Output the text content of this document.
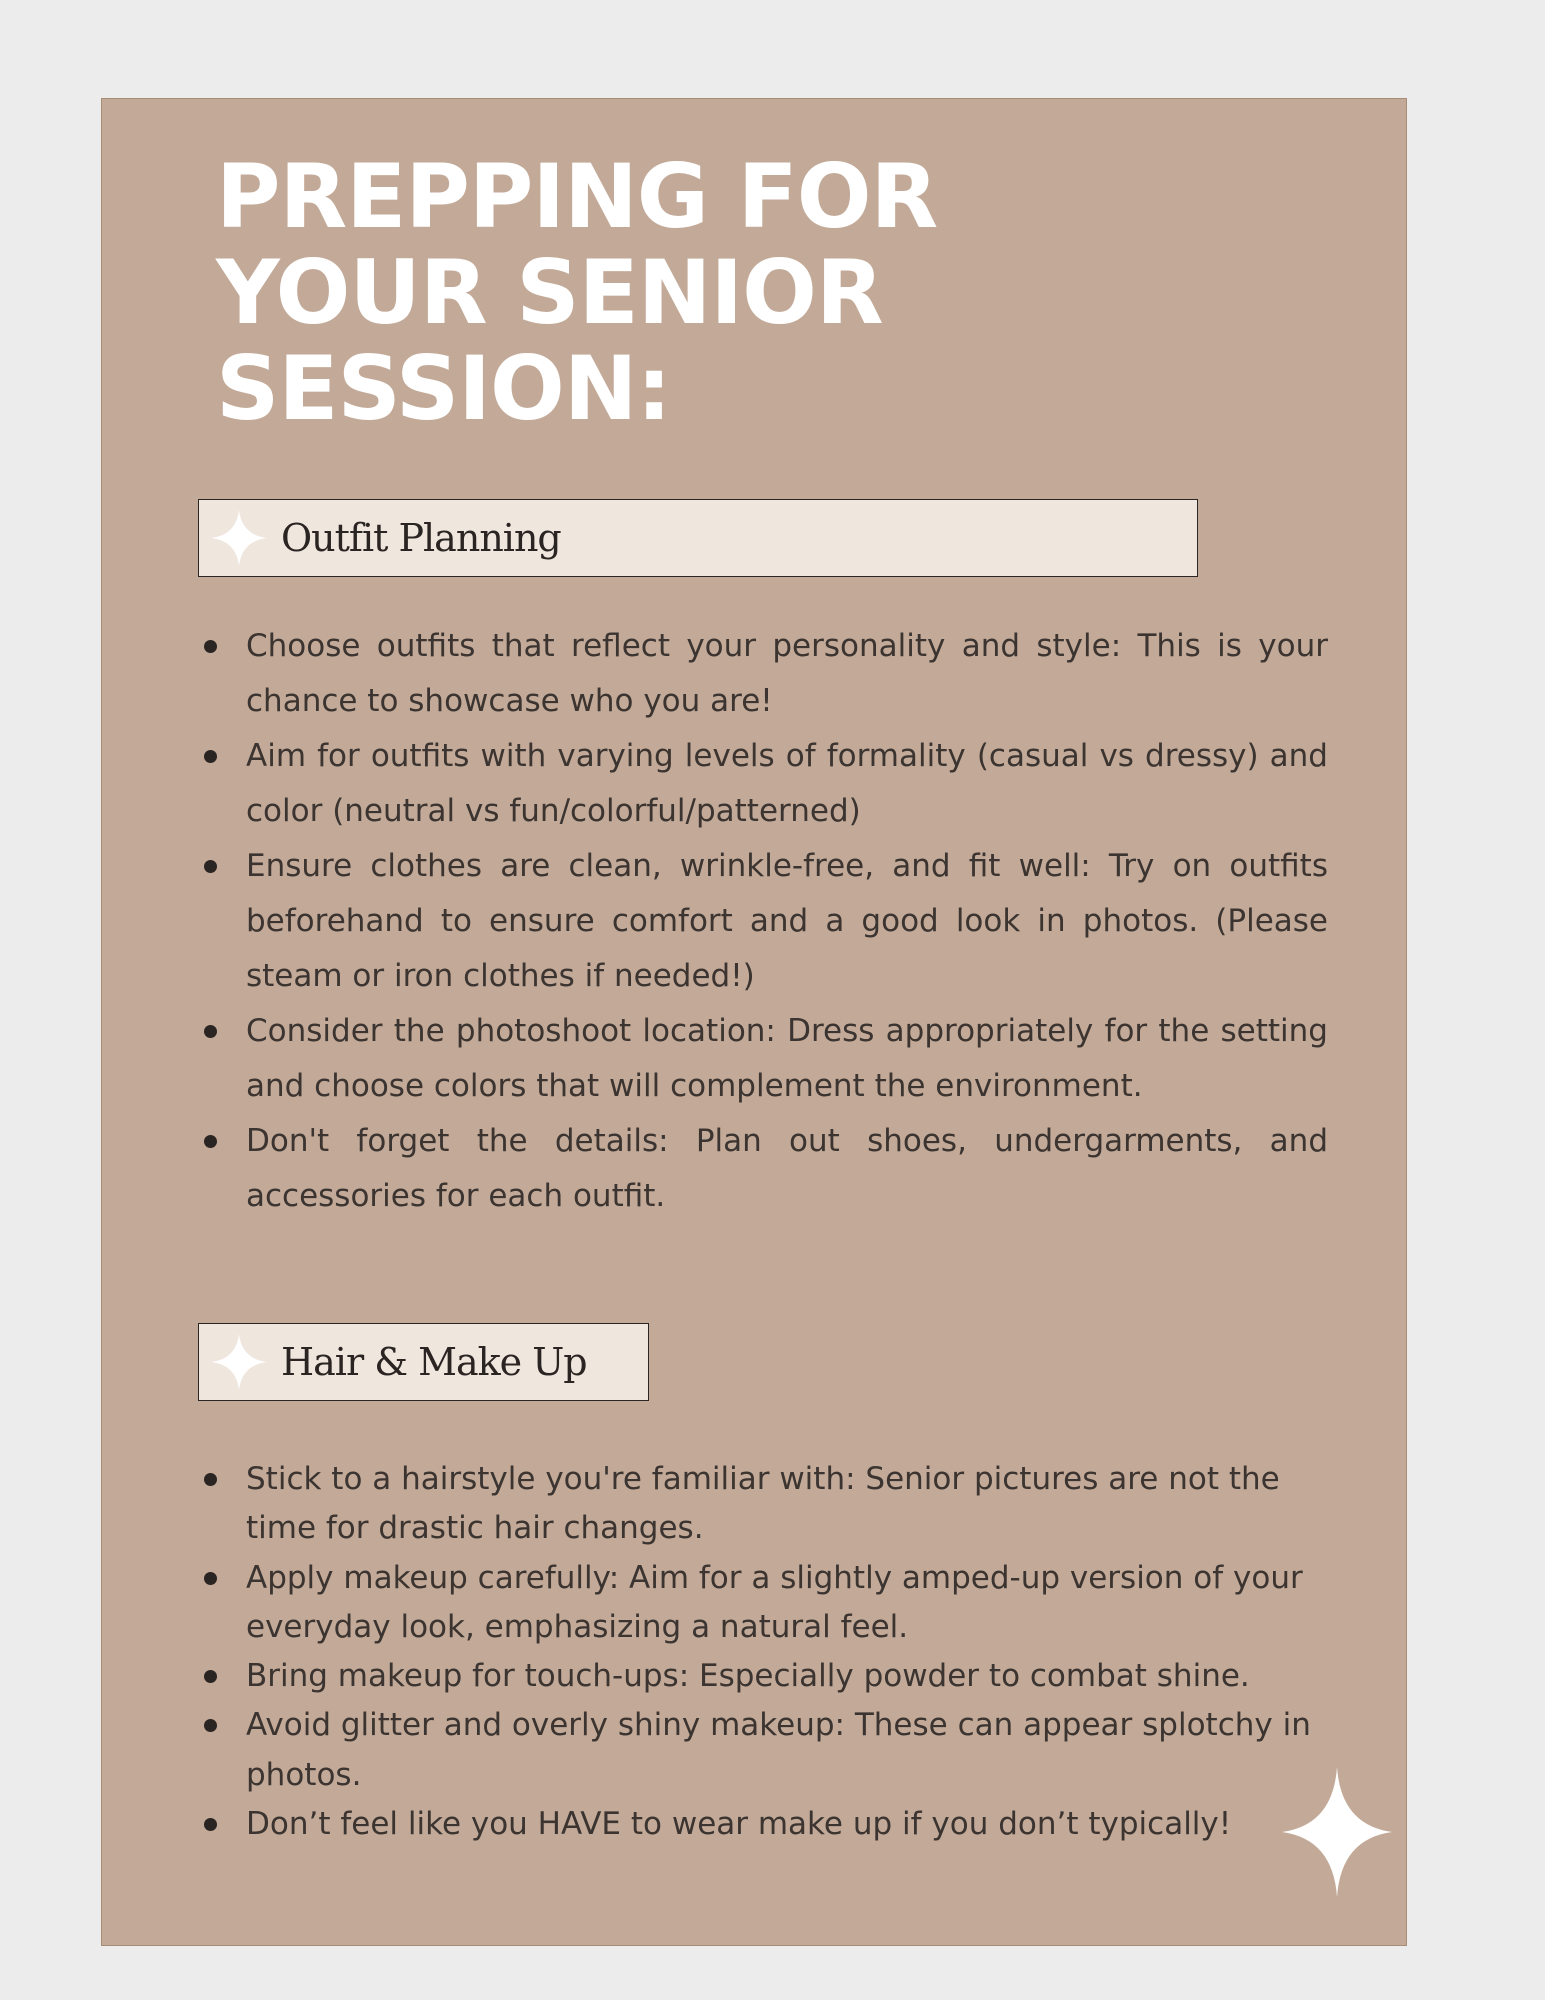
PREPPING FOR
YOUR SENIOR
SESSION:
Outfit Planning
Choose outfits that reflect your personality and style: This is your chance to showcase who you are!
Aim for outfits with varying levels of formality (casual vs dressy) and color (neutral vs fun/colorful/patterned)
Ensure clothes are clean, wrinkle-free, and fit well: Try on outfits beforehand to ensure comfort and a good look in photos. (Please steam or iron clothes if needed!)
Consider the photoshoot location: Dress appropriately for the setting and choose colors that will complement the environment.
Don't forget the details: Plan out shoes, undergarments, and accessories for each outfit.
Hair & Make Up
Stick to a hairstyle you're familiar with: Senior pictures are not the time for drastic hair changes.
Apply makeup carefully: Aim for a slightly amped-up version of your everyday look, emphasizing a natural feel.
Bring makeup for touch-ups: Especially powder to combat shine.
Avoid glitter and overly shiny makeup: These can appear splotchy in photos.
Don’t feel like you HAVE to wear make up if you don’t typically!
